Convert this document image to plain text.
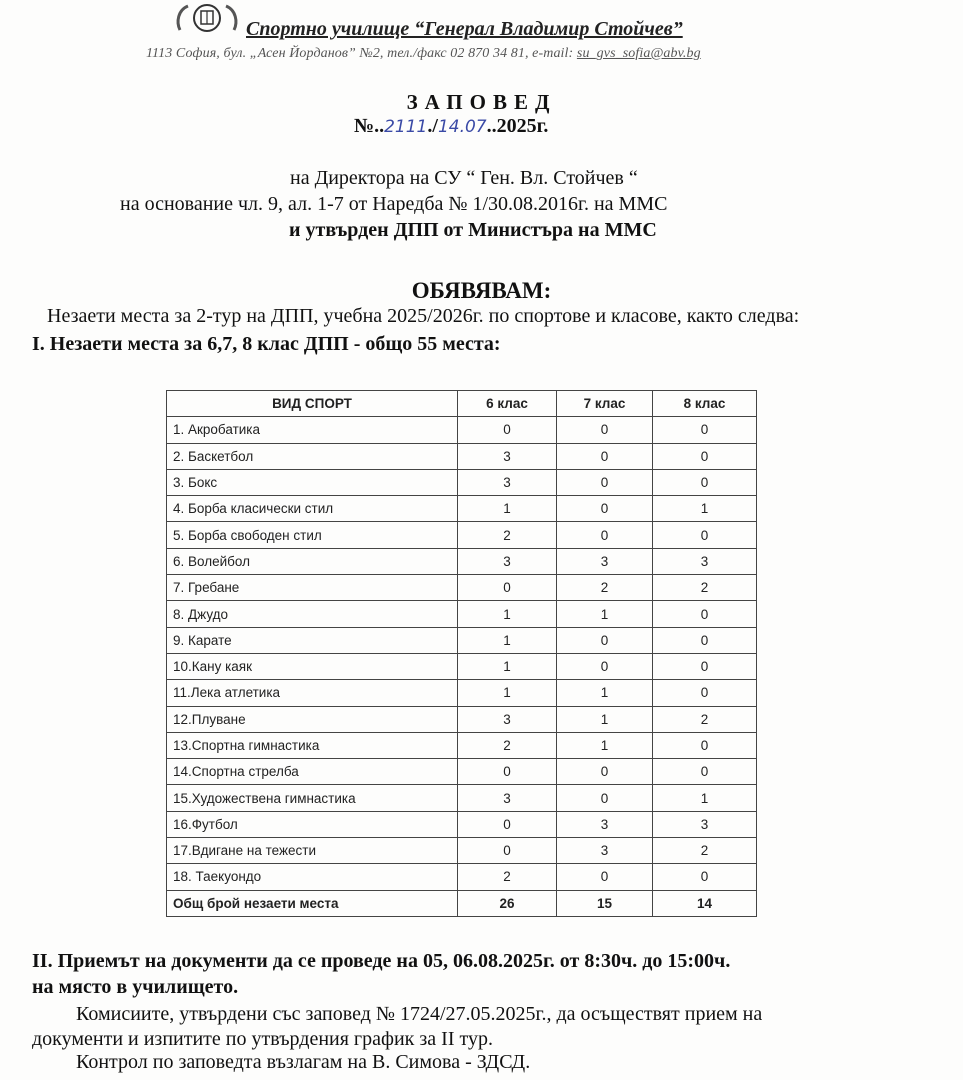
Спортно училище “Генерал Владимир Стойчев”
1113 София, бул. „Асен Йорданов” №2, тел./факс 02 870 34 81, e-mail: su_gvs_sofia@abv.bg
ЗАПОВЕД
№..2111./14.07..2025г.
на Директора на СУ “ Ген. Вл. Стойчев “
на основание чл. 9, ал. 1-7 от Наредба № 1/30.08.2016г. на ММС
и утвърден ДПП от Министъра на ММС
ОБЯВЯВАМ:
Незаети места за 2-тур на ДПП, учебна 2025/2026г. по спортове и класове, както следва:
I. Незаети места за 6,7, 8 клас ДПП - общо 55 места:
ВИД СПОРТ	6 клас	7 клас	8 клас
1. Акробатика	0	0	0
2. Баскетбол	3	0	0
3. Бокс	3	0	0
4. Борба класически стил	1	0	1
5. Борба свободен стил	2	0	0
6. Волейбол	3	3	3
7. Гребане	0	2	2
8. Джудо	1	1	0
9. Карате	1	0	0
10.Кану каяк	1	0	0
11.Лека атлетика	1	1	0
12.Плуване	3	1	2
13.Спортна гимнастика	2	1	0
14.Спортна стрелба	0	0	0
15.Художествена гимнастика	3	0	1
16.Футбол	0	3	3
17.Вдигане на тежести	0	3	2
18. Таекуондо	2	0	0
Общ брой незаети места	26	15	14
II. Приемът на документи да се проведе на 05, 06.08.2025г. от 8:30ч. до 15:00ч.
на място в училището.
Комисиите, утвърдени със заповед № 1724/27.05.2025г., да осъществят прием на
документи и изпитите по утвърдения график за II тур.
Контрол по заповедта възлагам на В. Симова - ЗДСД.
